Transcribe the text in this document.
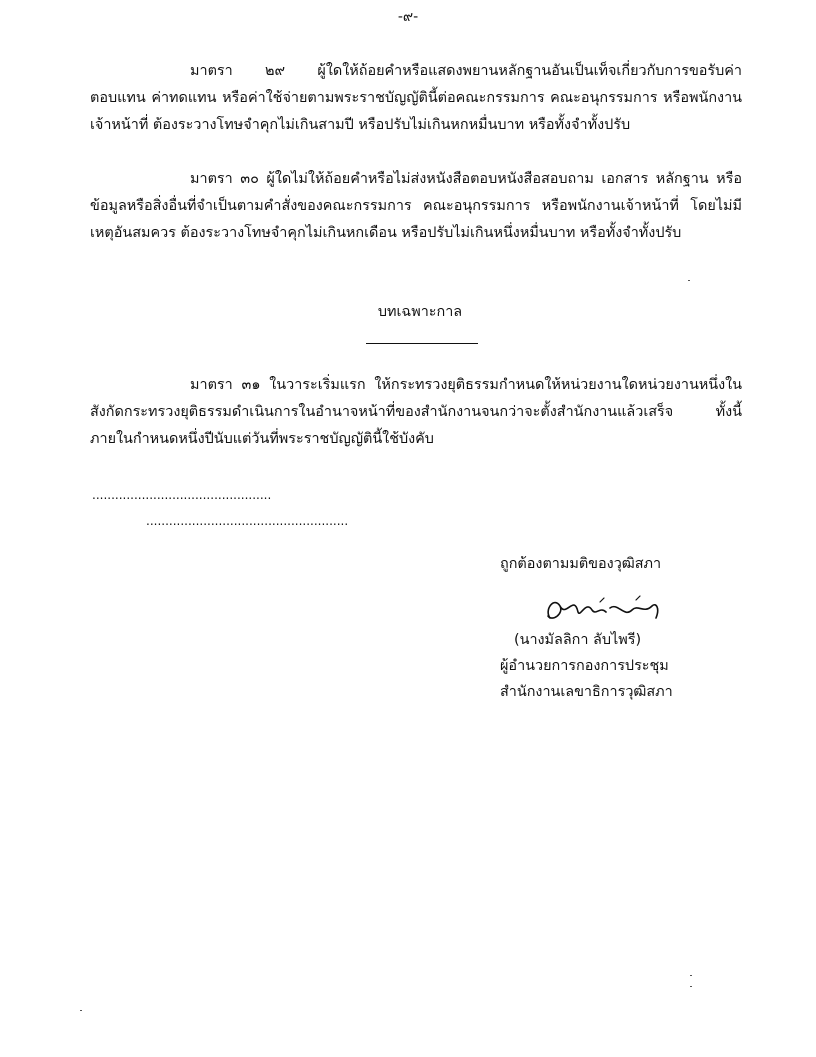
-๙-

มาตรา ๒๙ ผู้ใดให้ถ้อยคำหรือแสดงพยานหลักฐานอันเป็นเท็จเกี่ยวกับการขอรับค่าตอบแทน ค่าทดแทน หรือค่าใช้จ่ายตามพระราชบัญญัตินี้ต่อคณะกรรมการ คณะอนุกรรมการ หรือพนักงานเจ้าหน้าที่ ต้องระวางโทษจำคุกไม่เกินสามปี หรือปรับไม่เกินหกหมื่นบาท หรือทั้งจำทั้งปรับ

มาตรา ๓๐ ผู้ใดไม่ให้ถ้อยคำหรือไม่ส่งหนังสือตอบหนังสือสอบถาม เอกสาร หลักฐาน หรือข้อมูลหรือสิ่งอื่นที่จำเป็นตามคำสั่งของคณะกรรมการ คณะอนุกรรมการ หรือพนักงานเจ้าหน้าที่ โดยไม่มีเหตุอันสมควร ต้องระวางโทษจำคุกไม่เกินหกเดือน หรือปรับไม่เกินหนึ่งหมื่นบาท หรือทั้งจำทั้งปรับ

บทเฉพาะกาล

มาตรา ๓๑ ในวาระเริ่มแรก ให้กระทรวงยุติธรรมกำหนดให้หน่วยงานใดหน่วยงานหนึ่งในสังกัดกระทรวงยุติธรรมดำเนินการในอำนาจหน้าที่ของสำนักงานจนกว่าจะตั้งสำนักงานแล้วเสร็จ ทั้งนี้ ภายในกำหนดหนึ่งปีนับแต่วันที่พระราชบัญญัตินี้ใช้บังคับ

...............................................
.....................................................
ถูกต้องตามมติของวุฒิสภา
(นางมัลลิกา ลับไพรี)
ผู้อำนวยการกองการประชุม
สำนักงานเลขาธิการวุฒิสภา
